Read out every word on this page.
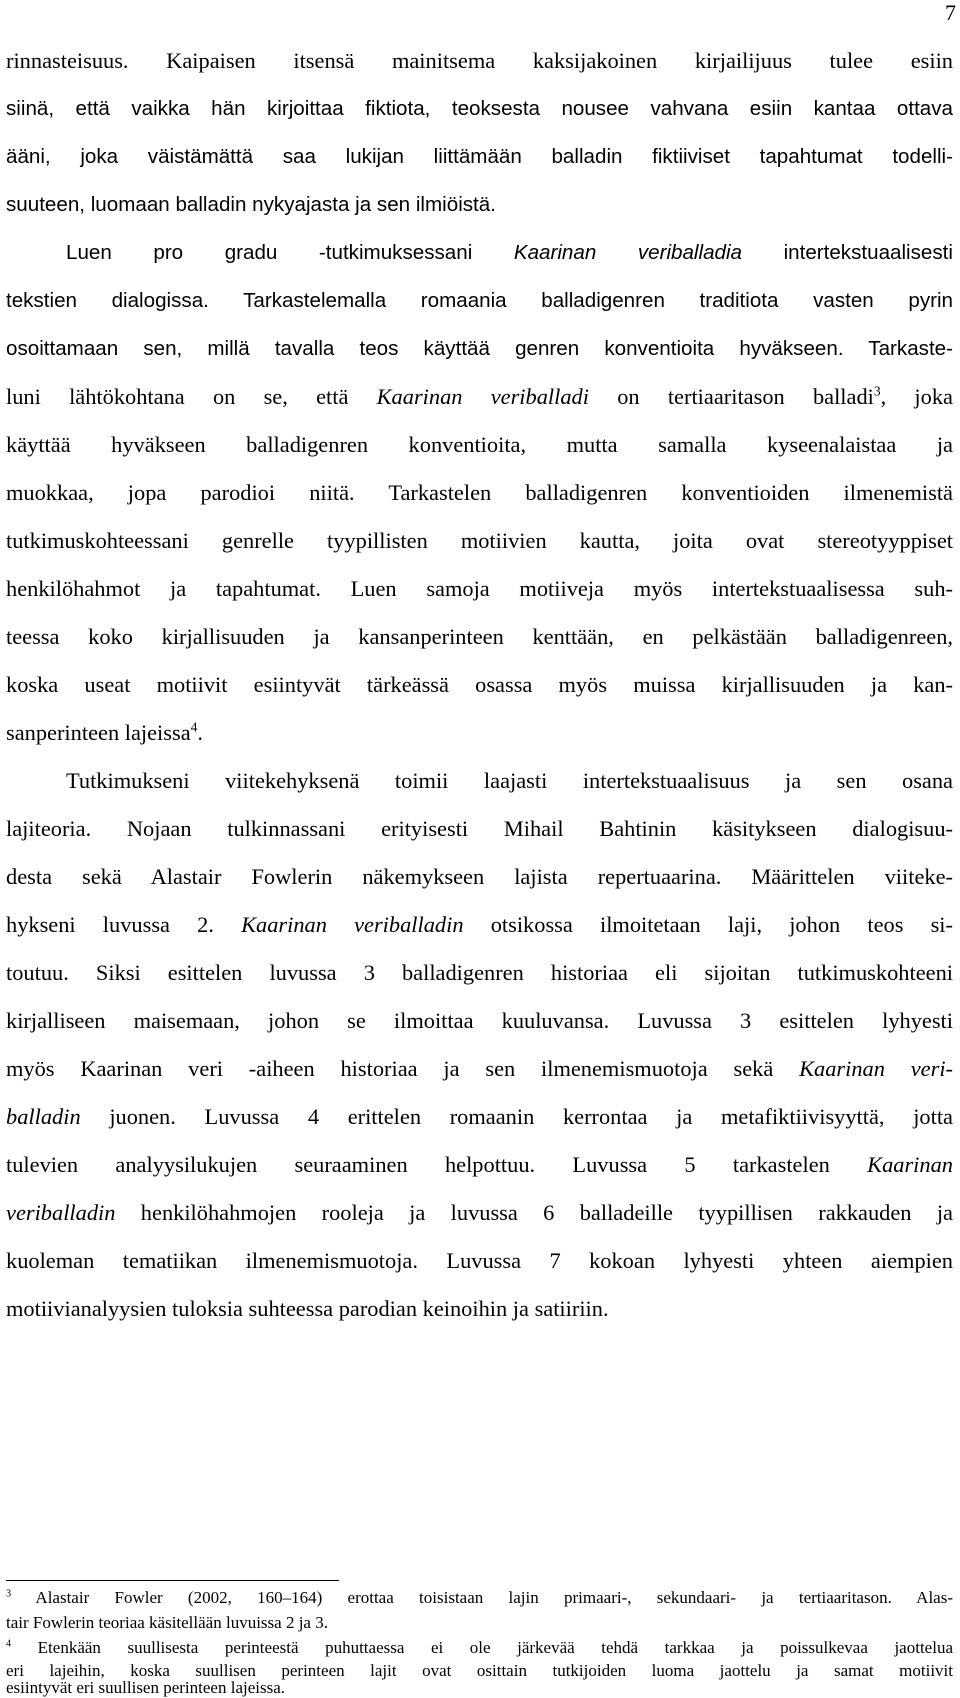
7
rinnasteisuus. Kaipaisen itsensä mainitsema kaksijakoinen kirjailijuus tulee esiin
siinä, että vaikka hän kirjoittaa fiktiota, teoksesta nousee vahvana esiin kantaa ottava
ääni, joka väistämättä saa lukijan liittämään balladin fiktiiviset tapahtumat todelli-
suuteen, luomaan balladin nykyajasta ja sen ilmiöistä.
Luen pro gradu -tutkimuksessani Kaarinan veriballadia intertekstuaalisesti
tekstien dialogissa. Tarkastelemalla romaania balladigenren traditiota vasten pyrin
osoittamaan sen, millä tavalla teos käyttää genren konventioita hyväkseen. Tarkaste-
luni lähtökohtana on se, että Kaarinan veriballadi on tertiaaritason balladi$^3$, joka
käyttää hyväkseen balladigenren konventioita, mutta samalla kyseenalaistaa ja
muokkaa, jopa parodioi niitä. Tarkastelen balladigenren konventioiden ilmenemistä
tutkimuskohteessani genrelle tyypillisten motiivien kautta, joita ovat stereotyyppiset
henkilöhahmot ja tapahtumat. Luen samoja motiiveja myös intertekstuaalisessa suh-
teessa koko kirjallisuuden ja kansanperinteen kenttään, en pelkästään balladigenreen,
koska useat motiivit esiintyvät tärkeässä osassa myös muissa kirjallisuuden ja kan-
sanperinteen lajeissa$^4$.
Tutkimukseni viitekehyksenä toimii laajasti intertekstuaalisuus ja sen osana
lajiteoria. Nojaan tulkinnassani erityisesti Mihail Bahtinin käsitykseen dialogisuu-
desta sekä Alastair Fowlerin näkemykseen lajista repertuaarina. Määrittelen viiteke-
hykseni luvussa 2. Kaarinan veriballadin otsikossa ilmoitetaan laji, johon teos si-
toutuu. Siksi esittelen luvussa 3 balladigenren historiaa eli sijoitan tutkimuskohteeni
kirjalliseen maisemaan, johon se ilmoittaa kuuluvansa. Luvussa 3 esittelen lyhyesti
myös Kaarinan veri -aiheen historiaa ja sen ilmenemismuotoja sekä Kaarinan veri-
balladin juonen. Luvussa 4 erittelen romaanin kerrontaa ja metafiktiivisyyttä, jotta
tulevien analyysilukujen seuraaminen helpottuu. Luvussa 5 tarkastelen Kaarinan
veriballadin henkilöhahmojen rooleja ja luvussa 6 balladeille tyypillisen rakkauden ja
kuoleman tematiikan ilmenemismuotoja. Luvussa 7 kokoan lyhyesti yhteen aiempien
motiivianalyysien tuloksia suhteessa parodian keinoihin ja satiiriin.
$^3$ Alastair Fowler (2002, 160–164) erottaa toisistaan lajin primaari-, sekundaari- ja tertiaaritason. Alas-
tair Fowlerin teoriaa käsitellään luvuissa 2 ja 3.
$^4$ Etenkään suullisesta perinteestä puhuttaessa ei ole järkevää tehdä tarkkaa ja poissulkevaa jaottelua
eri lajeihin, koska suullisen perinteen lajit ovat osittain tutkijoiden luoma jaottelu ja samat motiivit
esiintyvät eri suullisen perinteen lajeissa.
